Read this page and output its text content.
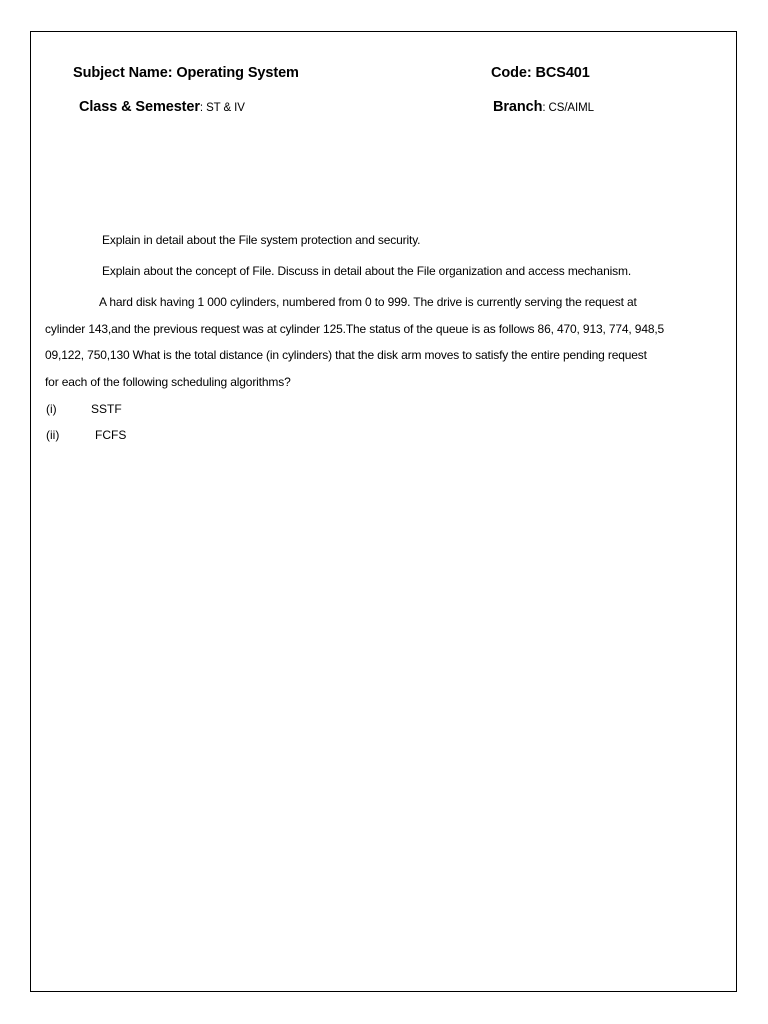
Subject Name: Operating System	Code: BCS401
Class & Semester: ST & IV	Branch: CS/AIML
Explain in detail about the File system protection and security.
Explain about the concept of File. Discuss in detail about the File organization and access mechanism.
A hard disk having 1 000 cylinders, numbered from 0 to 999. The drive is currently serving the request at
cylinder 143,and the previous request was at cylinder 125.The status of the queue is as follows 86, 470, 913, 774, 948,5
09,122, 750,130 What is the total distance (in cylinders) that the disk arm moves to satisfy the entire pending request
for each of the following scheduling algorithms?
(i)	SSTF
(ii)	FCFS
